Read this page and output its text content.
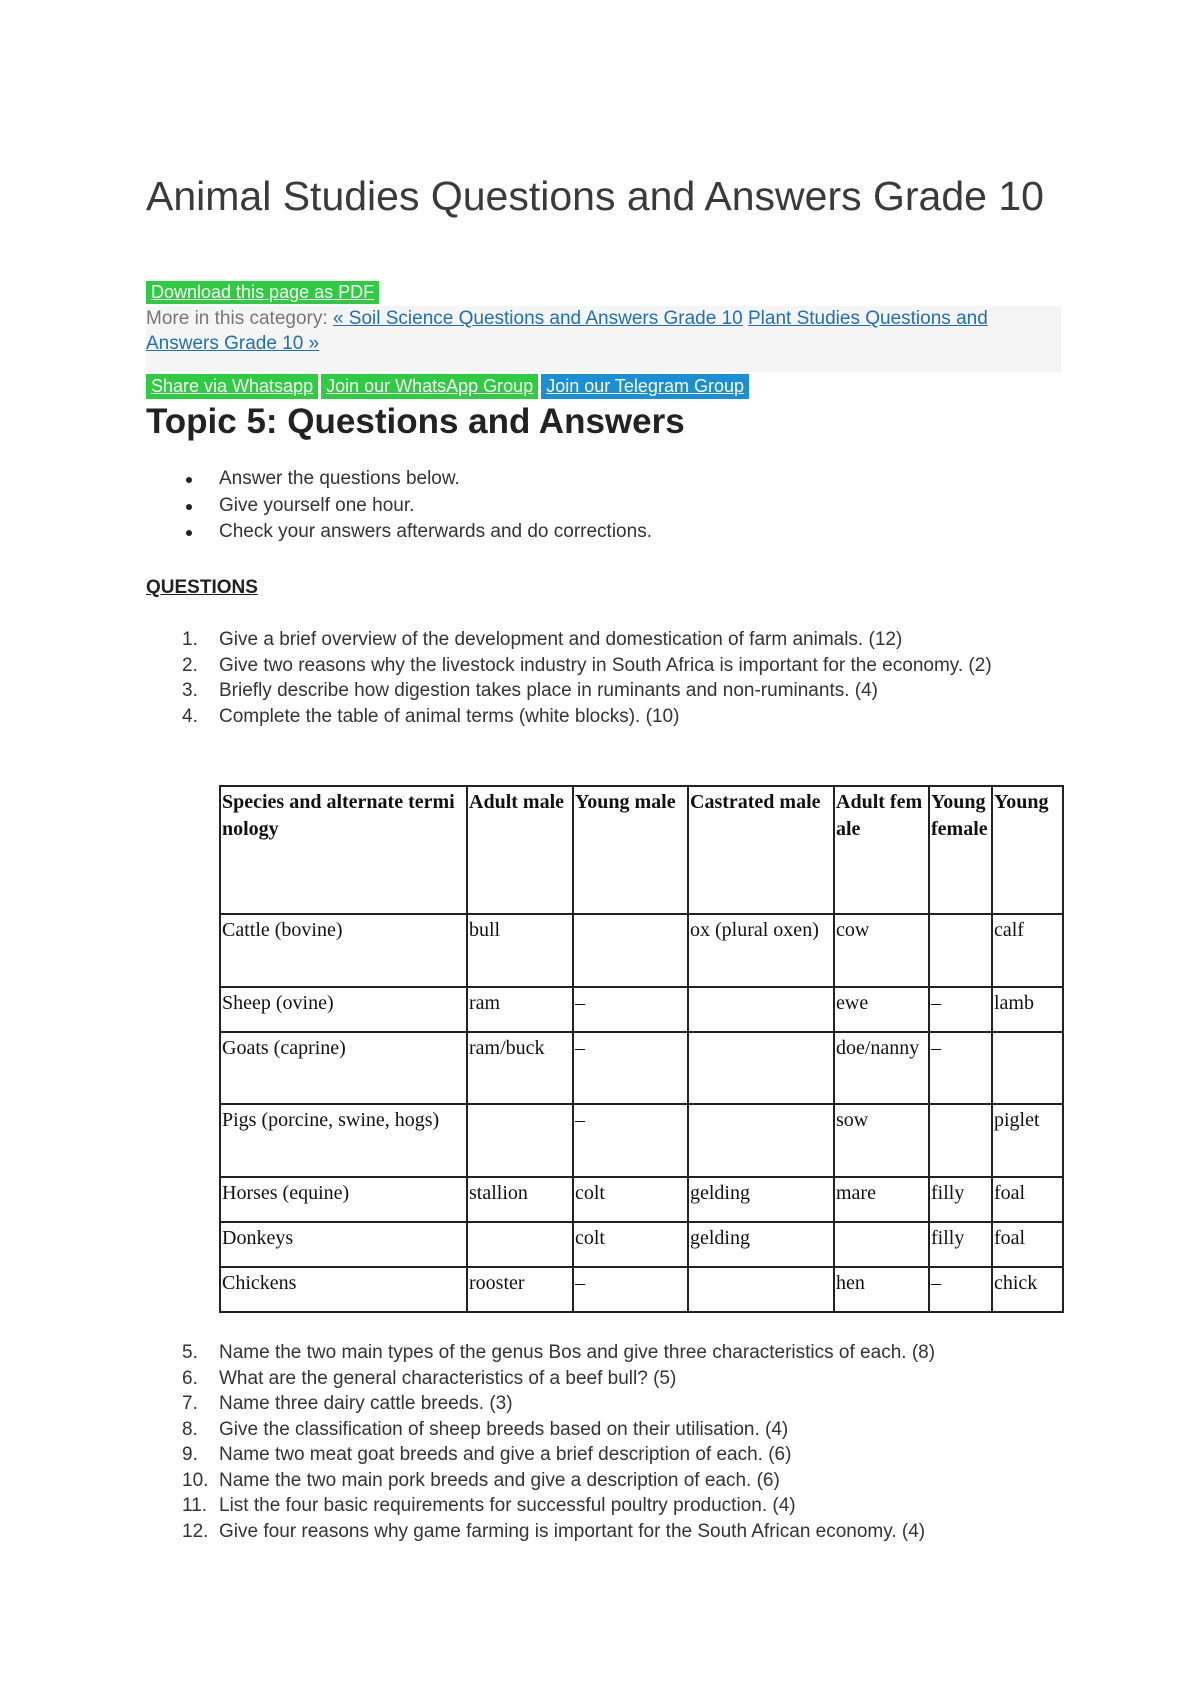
Animal Studies Questions and Answers Grade 10
Download this page as PDF
More in this category: « Soil Science Questions and Answers Grade 10 Plant Studies Questions and Answers Grade 10 »
Share via Whatsapp Join our WhatsApp Group Join our Telegram Group
Topic 5: Questions and Answers
Answer the questions below.
Give yourself one hour.
Check your answers afterwards and do corrections.
QUESTIONS
1. Give a brief overview of the development and domestication of farm animals. (12)
2. Give two reasons why the livestock industry in South Africa is important for the economy. (2)
3. Briefly describe how digestion takes place in ruminants and non-ruminants. (4)
4. Complete the table of animal terms (white blocks). (10)
Species and alternate terminology	Adult male	Young male	Castrated male	Adult female	Young female	Young
Cattle (bovine)	bull		ox (plural oxen)	cow		calf
Sheep (ovine)	ram	–		ewe	–	lamb
Goats (caprine)	ram/buck	–		doe/nanny	–	
Pigs (porcine, swine, hogs)		–		sow		piglet
Horses (equine)	stallion	colt	gelding	mare	filly	foal
Donkeys		colt	gelding		filly	foal
Chickens	rooster	–		hen	–	chick
5. Name the two main types of the genus Bos and give three characteristics of each. (8)
6. What are the general characteristics of a beef bull? (5)
7. Name three dairy cattle breeds. (3)
8. Give the classification of sheep breeds based on their utilisation. (4)
9. Name two meat goat breeds and give a brief description of each. (6)
10. Name the two main pork breeds and give a description of each. (6)
11. List the four basic requirements for successful poultry production. (4)
12. Give four reasons why game farming is important for the South African economy. (4)
